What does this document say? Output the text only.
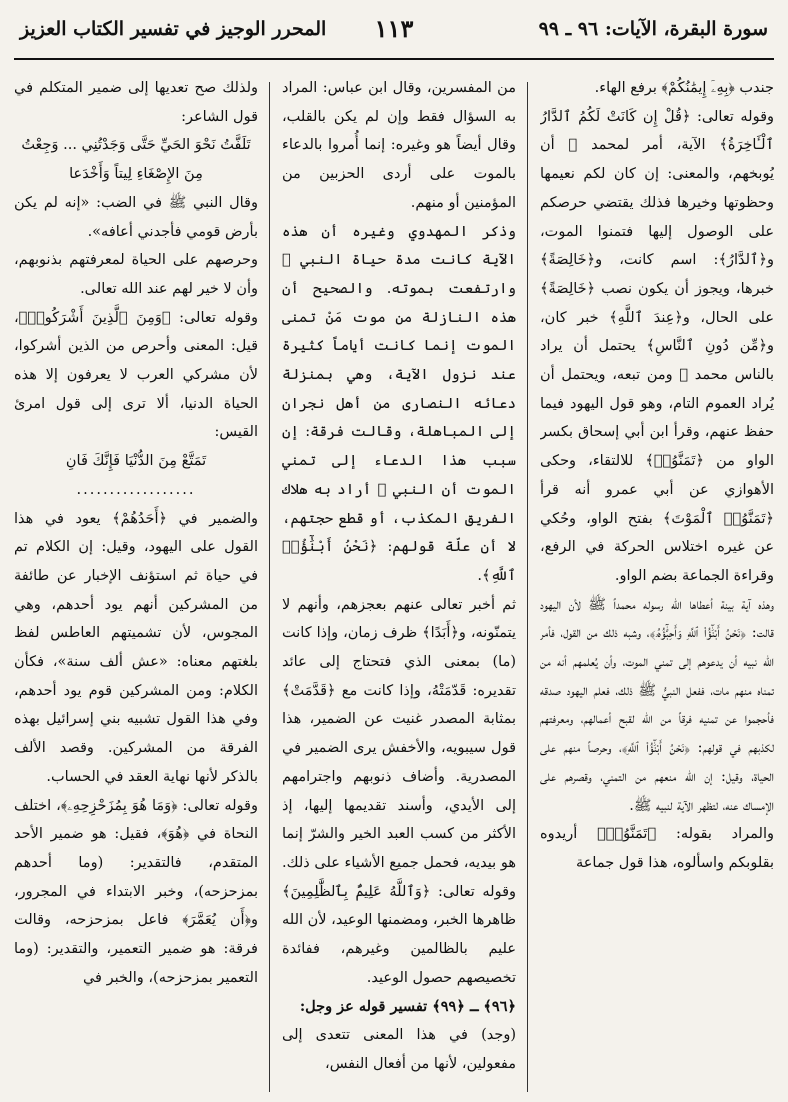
سورة البقرة، الآيات: ٩٦ ـ ٩٩
١١٣
المحرر الوجيز في تفسير الكتاب العزيز

جندب ﴿بِهِۦٓ إِيمَٰنُكُمْ﴾ برفع الهاء.

وقوله تعالى: ﴿قُلْ إِن كَانَتْ لَكُمُ ٱلدَّارُ ٱلْـَٔاخِرَةُ﴾ الآية، أمر لمحمد ﷺ أن يُوبخهم، والمعنى: إن كان لكم نعيمها وحظوتها وخيرها فذلك يقتضي حرصكم على الوصول إليها فتمنوا الموت، و﴿ٱلدَّارُ﴾: اسم كانت، و﴿خَالِصَةً﴾ خبرها، ويجوز أن يكون نصب ﴿خَالِصَةً﴾ على الحال، و﴿عِندَ ٱللَّهِ﴾ خبر كان، و﴿مِّن دُونِ ٱلنَّاسِ﴾ يحتمل أن يراد بالناس محمد ﷺ ومن تبعه، ويحتمل أن يُراد العموم التام، وهو قول اليهود فيما حفظ عنهم، وقرأ ابن أبي إسحاق بكسر الواو من ﴿تَمَنَّوُا۟﴾ للالتقاء، وحكى الأهوازي عن أبي عمرو أنه قرأ ﴿تَمَنَّوُا۟ ٱلْمَوْتَ﴾ بفتح الواو، وحُكي عن غيره اختلاس الحركة في الرفع، وقراءة الجماعة بضم الواو.

وهذه آية بينة أعطاها الله رسوله محمداً ﷺ لأن اليهود قالت: ﴿نَحْنُ أَبْنَٰٓؤُا۟ ٱللَّهِ وَأَحِبَّٰٓؤُهُۥ﴾، وشبه ذلك من القول، فأمر الله نبيه أن يدعوهم إلى تمني الموت، وأن يُعلمهم أنه من تمناه منهم مات، ففعل النبيُّ ﷺ ذلك، فعلم اليهود صدقه فأحجموا عن تمنيه فرقاً من الله لقبح أعمالهم، ومعرفتهم لكذبهم في قولهم: ﴿نَحْنُ أَبْنَٰٓؤُا۟ ٱللَّهِ﴾، وحرصاً منهم على الحياة، وقيل: إن الله منعهم من التمني، وقصرهم على الإمساك عنه، لتظهر الآية لنبيه ﷺ.

والمراد بقوله: ﴿تَمَنَّوُا۟﴾ أريدوه بقلوبكم واسألوه، هذا قول جماعة

من المفسرين، وقال ابن عباس: المراد به السؤال فقط وإن لم يكن بالقلب، وقال أيضاً هو وغيره: إنما أُمروا بالدعاء بالموت على أردى الحزبين من المؤمنين أو منهم.

وذكر المهدوي وغيره أن هذه الآية كانت مدة حياة النبي ﷺ وارتفعت بموته. والصحيح أن هذه النازلة من موت مَنْ تمنى الموت إنما كانت أياماً كثيرة عند نزول الآية، وهي بمنزلة دعائه النصارى من أهل نجران إلى المباهلة، وقالت فرقة: إن سبب هذا الدعاء إلى تمني الموت أن النبي ﷺ أراد به هلاك الفريق المكذب، أو قطع حجتهم، لا أن علّة قولهم: ﴿نَحْنُ أَبْنَٰٓؤُا۟ ٱللَّهِ﴾.

ثم أخبر تعالى عنهم بعجزهم، وأنهم لا يتمنّونه، و﴿أَبَدًا﴾ ظرف زمان، وإذا كانت (ما) بمعنى الذي فتحتاج إلى عائد تقديره: قَدّمَتْهُ، وإذا كانت مع ﴿قَدَّمَتْ﴾ بمثابة المصدر غنيت عن الضمير، هذا قول سيبويه، والأخفش يرى الضمير في المصدرية. وأضاف ذنوبهم واجترامهم إلى الأيدي، وأسند تقديمها إليها، إذ الأكثر من كسب العبد الخير والشرّ إنما هو بيديه، فحمل جميع الأشياء على ذلك. وقوله تعالى: ﴿وَٱللَّهُ عَلِيمٌۢ بِٱلظَّٰلِمِينَ﴾ ظاهرها الخبر، ومضمنها الوعيد، لأن الله عليم بالظالمين وغيرهم، ففائدة تخصيصهم حصول الوعيد.

﴿٩٦﴾ ـ ﴿٩٩﴾ تفسير قوله عز وجل:

(وجد) في هذا المعنى تتعدى إلى مفعولين، لأنها من أفعال النفس،

ولذلك صح تعديها إلى ضمير المتكلم في قول الشاعر:

تَلَفَّتُ نَحْوَ الحَيِّ حَتَّى وَجَدْتُنِي ... وَجِعْتُ مِنَ الإِصْغَاءِ لِيتاً وَأَخْدَعا

وقال النبي ﷺ في الضب: «إنه لم يكن بأرض قومي فأجدني أعافه».

وحرصهم على الحياة لمعرفتهم بذنوبهم، وأن لا خير لهم عند الله تعالى.

وقوله تعالى: ﴿وَمِنَ ٱلَّذِينَ أَشْرَكُوا۟﴾، قيل: المعنى وأحرص من الذين أشركوا، لأن مشركي العرب لا يعرفون إلا هذه الحياة الدنيا، ألا ترى إلى قول امرئ القيس:

تَمَتَّعْ مِنَ الدُّنْيَا فَإِنَّكَ فَانِ

..................

والضمير في ﴿أَحَدُهُمْ﴾ يعود في هذا القول على اليهود، وقيل: إن الكلام تم في حياة ثم استؤنف الإخبار عن طائفة من المشركين أنهم يود أحدهم، وهي المجوس، لأن تشميتهم العاطس لفظ بلغتهم معناه: «عش ألف سنة»، فكأن الكلام: ومن المشركين قوم يود أحدهم، وفي هذا القول تشبيه بني إسرائيل بهذه الفرقة من المشركين. وقصد الألف بالذكر لأنها نهاية العقد في الحساب.

وقوله تعالى: ﴿وَمَا هُوَ بِمُزَحْزِحِهِۦ﴾، اختلف النحاة في ﴿هُوَ﴾، فقيل: هو ضمير الأحد المتقدم، فالتقدير: (وما أحدهم بمزحزحه)، وخبر الابتداء في المجرور، و﴿أَن يُعَمَّرَ﴾ فاعل بمزحزحه، وقالت فرقة: هو ضمير التعمير، والتقدير: (وما التعمير بمزحزحه)، والخبر في
